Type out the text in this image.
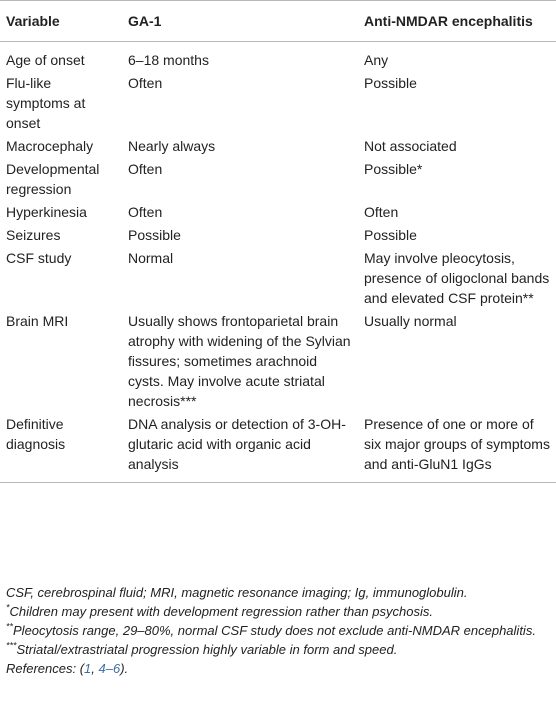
Variable	GA-1	Anti-NMDAR encephalitis
Age of onset	6–18 months	Any
Flu-like symptoms at onset	Often	Possible
Macrocephaly	Nearly always	Not associated
Developmental regression	Often	Possible*
Hyperkinesia	Often	Often
Seizures	Possible	Possible
CSF study	Normal	May involve pleocytosis, presence of oligoclonal bands and elevated CSF protein**
Brain MRI	Usually shows frontoparietal brain atrophy with widening of the Sylvian fissures; sometimes arachnoid cysts. May involve acute striatal necrosis***	Usually normal
Definitive diagnosis	DNA analysis or detection of 3-OH-glutaric acid with organic acid analysis	Presence of one or more of six major groups of symptoms and anti-GluN1 IgGs

CSF, cerebrospinal fluid; MRI, magnetic resonance imaging; Ig, immunoglobulin.

*Children may present with development regression rather than psychosis.

**Pleocytosis range, 29–80%, normal CSF study does not exclude anti-NMDAR encephalitis.

***Striatal/extrastriatal progression highly variable in form and speed.

References: (1, 4–6).
